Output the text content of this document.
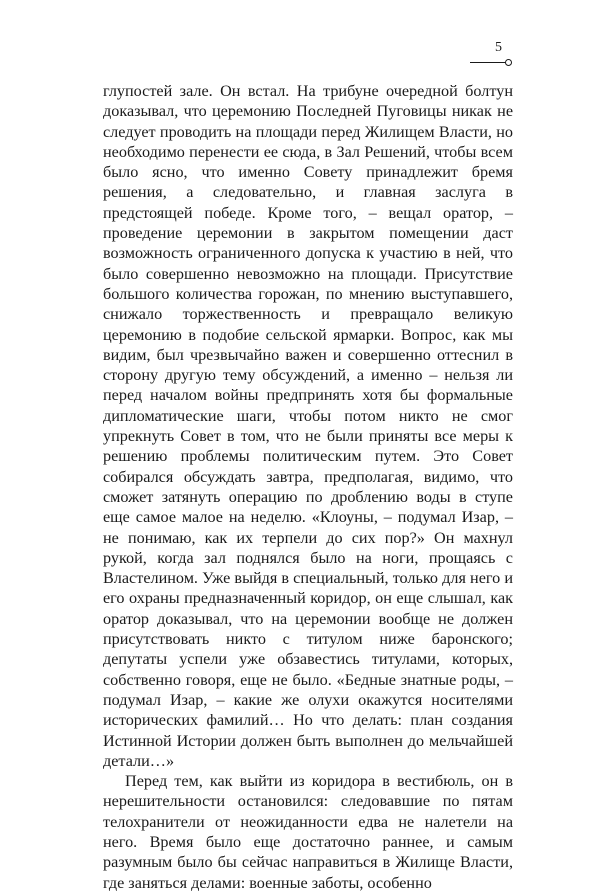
5

глупостей зале. Он встал. На трибуне очередной болтун доказывал, что церемонию Последней Пуговицы никак не следует проводить на площади перед Жилищем Власти, но необходимо перенести ее сюда, в Зал Решений, чтобы всем было ясно, что именно Совету принадлежит бремя решения, а следовательно, и главная заслуга в предстоящей победе. Кроме того, – вещал оратор, – проведение церемонии в закрытом помещении даст возможность ограниченного допуска к участию в ней, что было совершенно невозможно на площади. Присутствие большого количества горожан, по мнению выступавшего, снижало торжественность и превращало великую церемонию в подобие сельской ярмарки. Вопрос, как мы видим, был чрезвычайно важен и совершенно оттеснил в сторону другую тему обсуждений, а именно – нельзя ли перед началом войны предпринять хотя бы формальные дипломатические шаги, чтобы потом никто не смог упрекнуть Совет в том, что не были приняты все меры к решению проблемы политическим путем. Это Совет собирался обсуждать завтра, предполагая, видимо, что сможет затянуть операцию по дроблению воды в ступе еще самое малое на неделю. «Клоуны, – подумал Изар, – не понимаю, как их терпели до сих пор?» Он махнул рукой, когда зал поднялся было на ноги, прощаясь с Властелином. Уже выйдя в специальный, только для него и его охраны предназначенный коридор, он еще слышал, как оратор доказывал, что на церемонии вообще не должен присутствовать никто с титулом ниже баронского; депутаты успели уже обзавестись титулами, которых, собственно говоря, еще не было. «Бедные знатные роды, – подумал Изар, – какие же олухи окажутся носителями исторических фамилий… Но что делать: план создания Истинной Истории должен быть выполнен до мельчайшей детали…»

Перед тем, как выйти из коридора в вестибюль, он в нерешительности остановился: следовавшие по пятам телохранители от неожиданности едва не налетели на него. Время было еще достаточно раннее, и самым разумным было бы сейчас направиться в Жилище Власти, где заняться делами: военные заботы, особенно
